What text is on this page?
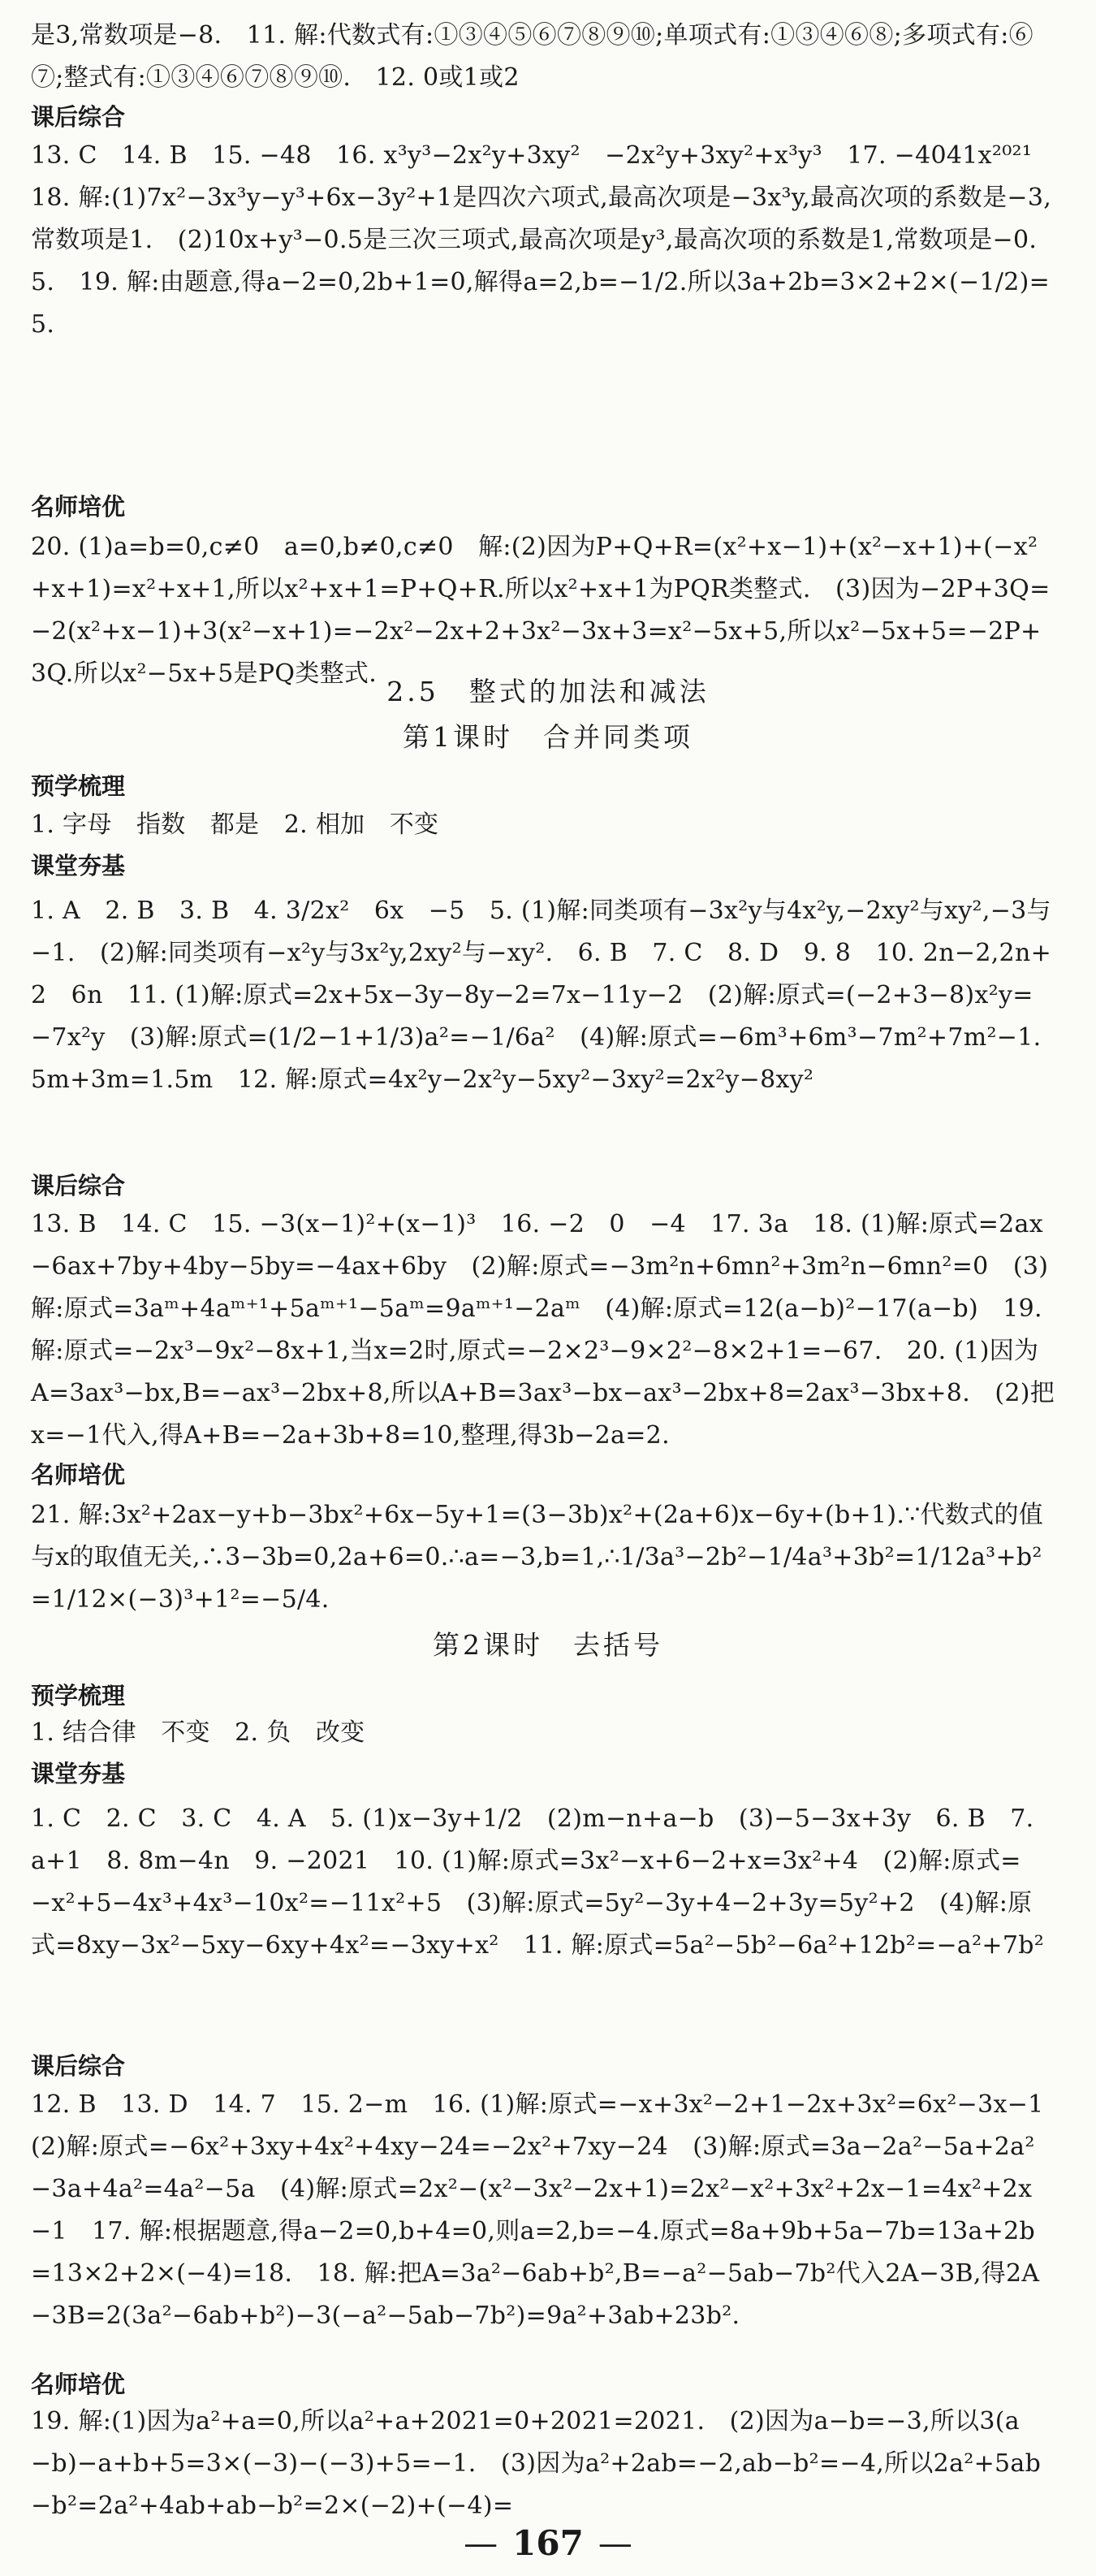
是3,常数项是−8.　11. 解:代数式有:①③④⑤⑥⑦⑧⑨⑩;单项式有:①③④⑥⑧;多项式有:⑥⑦;整式有:①③④⑥⑦⑧⑨⑩.　12. 0或1或2

课后综合

13. C　14. B　15. −48　16. x³y³−2x²y+3xy²　−2x²y+3xy²+x³y³　17. −4041x²⁰²¹　18. 解:(1)7x²−3x³y−y³+6x−3y²+1是四次六项式,最高次项是−3x³y,最高次项的系数是−3,常数项是1.　(2)10x+y³−0.5是三次三项式,最高次项是y³,最高次项的系数是1,常数项是−0.5.　19. 解:由题意,得a−2=0,2b+1=0,解得a=2,b=−1/2.所以3a+2b=3×2+2×(−1/2)=5.

名师培优

20. (1)a=b=0,c≠0　a=0,b≠0,c≠0　解:(2)因为P+Q+R=(x²+x−1)+(x²−x+1)+(−x²+x+1)=x²+x+1,所以x²+x+1=P+Q+R.所以x²+x+1为PQR类整式.　(3)因为−2P+3Q=−2(x²+x−1)+3(x²−x+1)=−2x²−2x+2+3x²−3x+3=x²−5x+5,所以x²−5x+5=−2P+3Q.所以x²−5x+5是PQ类整式.

2.5　整式的加法和减法

第1课时　合并同类项

预学梳理

1. 字母　指数　都是　2. 相加　不变

课堂夯基

1. A　2. B　3. B　4. 3/2x²　6x　−5　5. (1)解:同类项有−3x²y与4x²y,−2xy²与xy²,−3与−1.　(2)解:同类项有−x²y与3x²y,2xy²与−xy².　6. B　7. C　8. D　9. 8　10. 2n−2,2n+2　6n　11. (1)解:原式=2x+5x−3y−8y−2=7x−11y−2　(2)解:原式=(−2+3−8)x²y=−7x²y　(3)解:原式=(1/2−1+1/3)a²=−1/6a²　(4)解:原式=−6m³+6m³−7m²+7m²−1.5m+3m=1.5m　12. 解:原式=4x²y−2x²y−5xy²−3xy²=2x²y−8xy²

课后综合

13. B　14. C　15. −3(x−1)²+(x−1)³　16. −2　0　−4　17. 3a　18. (1)解:原式=2ax−6ax+7by+4by−5by=−4ax+6by　(2)解:原式=−3m²n+6mn²+3m²n−6mn²=0　(3)解:原式=3aᵐ+4aᵐ⁺¹+5aᵐ⁺¹−5aᵐ=9aᵐ⁺¹−2aᵐ　(4)解:原式=12(a−b)²−17(a−b)　19. 解:原式=−2x³−9x²−8x+1,当x=2时,原式=−2×2³−9×2²−8×2+1=−67.　20. (1)因为A=3ax³−bx,B=−ax³−2bx+8,所以A+B=3ax³−bx−ax³−2bx+8=2ax³−3bx+8.　(2)把x=−1代入,得A+B=−2a+3b+8=10,整理,得3b−2a=2.

名师培优

21. 解:3x²+2ax−y+b−3bx²+6x−5y+1=(3−3b)x²+(2a+6)x−6y+(b+1).∵代数式的值与x的取值无关,∴3−3b=0,2a+6=0.∴a=−3,b=1,∴1/3a³−2b²−1/4a³+3b²=1/12a³+b²=1/12×(−3)³+1²=−5/4.

第2课时　去括号

预学梳理

1. 结合律　不变　2. 负　改变

课堂夯基

1. C　2. C　3. C　4. A　5. (1)x−3y+1/2　(2)m−n+a−b　(3)−5−3x+3y　6. B　7. a+1　8. 8m−4n　9. −2021　10. (1)解:原式=3x²−x+6−2+x=3x²+4　(2)解:原式=−x²+5−4x³+4x³−10x²=−11x²+5　(3)解:原式=5y²−3y+4−2+3y=5y²+2　(4)解:原式=8xy−3x²−5xy−6xy+4x²=−3xy+x²　11. 解:原式=5a²−5b²−6a²+12b²=−a²+7b²

课后综合

12. B　13. D　14. 7　15. 2−m　16. (1)解:原式=−x+3x²−2+1−2x+3x²=6x²−3x−1　(2)解:原式=−6x²+3xy+4x²+4xy−24=−2x²+7xy−24　(3)解:原式=3a−2a²−5a+2a²−3a+4a²=4a²−5a　(4)解:原式=2x²−(x²−3x²−2x+1)=2x²−x²+3x²+2x−1=4x²+2x−1　17. 解:根据题意,得a−2=0,b+4=0,则a=2,b=−4.原式=8a+9b+5a−7b=13a+2b=13×2+2×(−4)=18.　18. 解:把A=3a²−6ab+b²,B=−a²−5ab−7b²代入2A−3B,得2A−3B=2(3a²−6ab+b²)−3(−a²−5ab−7b²)=9a²+3ab+23b².

名师培优

19. 解:(1)因为a²+a=0,所以a²+a+2021=0+2021=2021.　(2)因为a−b=−3,所以3(a−b)−a+b+5=3×(−3)−(−3)+5=−1.　(3)因为a²+2ab=−2,ab−b²=−4,所以2a²+5ab−b²=2a²+4ab+ab−b²=2×(−2)+(−4)=

— 167 —
